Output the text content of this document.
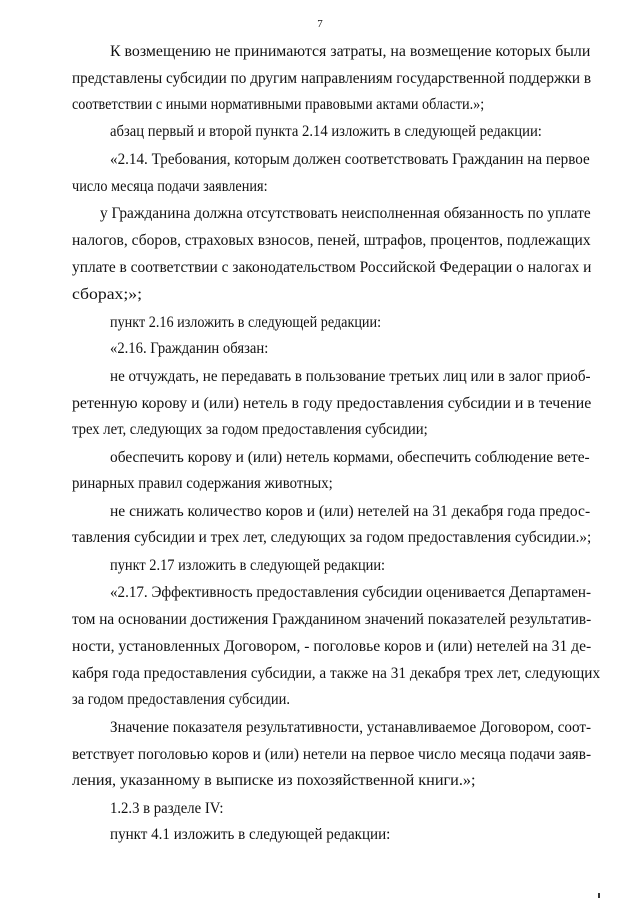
7
К возмещению не принимаются затраты, на возмещение которых были
представлены субсидии по другим направлениям государственной поддержки в
соответствии с иными нормативными правовыми актами области.»;
абзац первый и второй пункта 2.14 изложить в следующей редакции:
«2.14. Требования, которым должен соответствовать Гражданин на первое
число месяца подачи заявления:
у Гражданина должна отсутствовать неисполненная обязанность по уплате
налогов, сборов, страховых взносов, пеней, штрафов, процентов, подлежащих
уплате в соответствии с законодательством Российской Федерации о налогах и
сборах;»;
пункт 2.16 изложить в следующей редакции:
«2.16. Гражданин обязан:
не отчуждать, не передавать в пользование третьих лиц или в залог приоб-
ретенную корову и (или) нетель в году предоставления субсидии и в течение
трех лет, следующих за годом предоставления субсидии;
обеспечить корову и (или) нетель кормами, обеспечить соблюдение вете-
ринарных правил содержания животных;
не снижать количество коров и (или) нетелей на 31 декабря года предос-
тавления субсидии и трех лет, следующих за годом предоставления субсидии.»;
пункт 2.17 изложить в следующей редакции:
«2.17. Эффективность предоставления субсидии оценивается Департамен-
том на основании достижения Гражданином значений показателей результатив-
ности, установленных Договором, - поголовье коров и (или) нетелей на 31 де-
кабря года предоставления субсидии, а также на 31 декабря трех лет, следующих
за годом предоставления субсидии.
Значение показателя результативности, устанавливаемое Договором, соот-
ветствует поголовью коров и (или) нетели на первое число месяца подачи заяв-
ления, указанному в выписке из похозяйственной книги.»;
1.2.3 в разделе IV:
пункт 4.1 изложить в следующей редакции:
